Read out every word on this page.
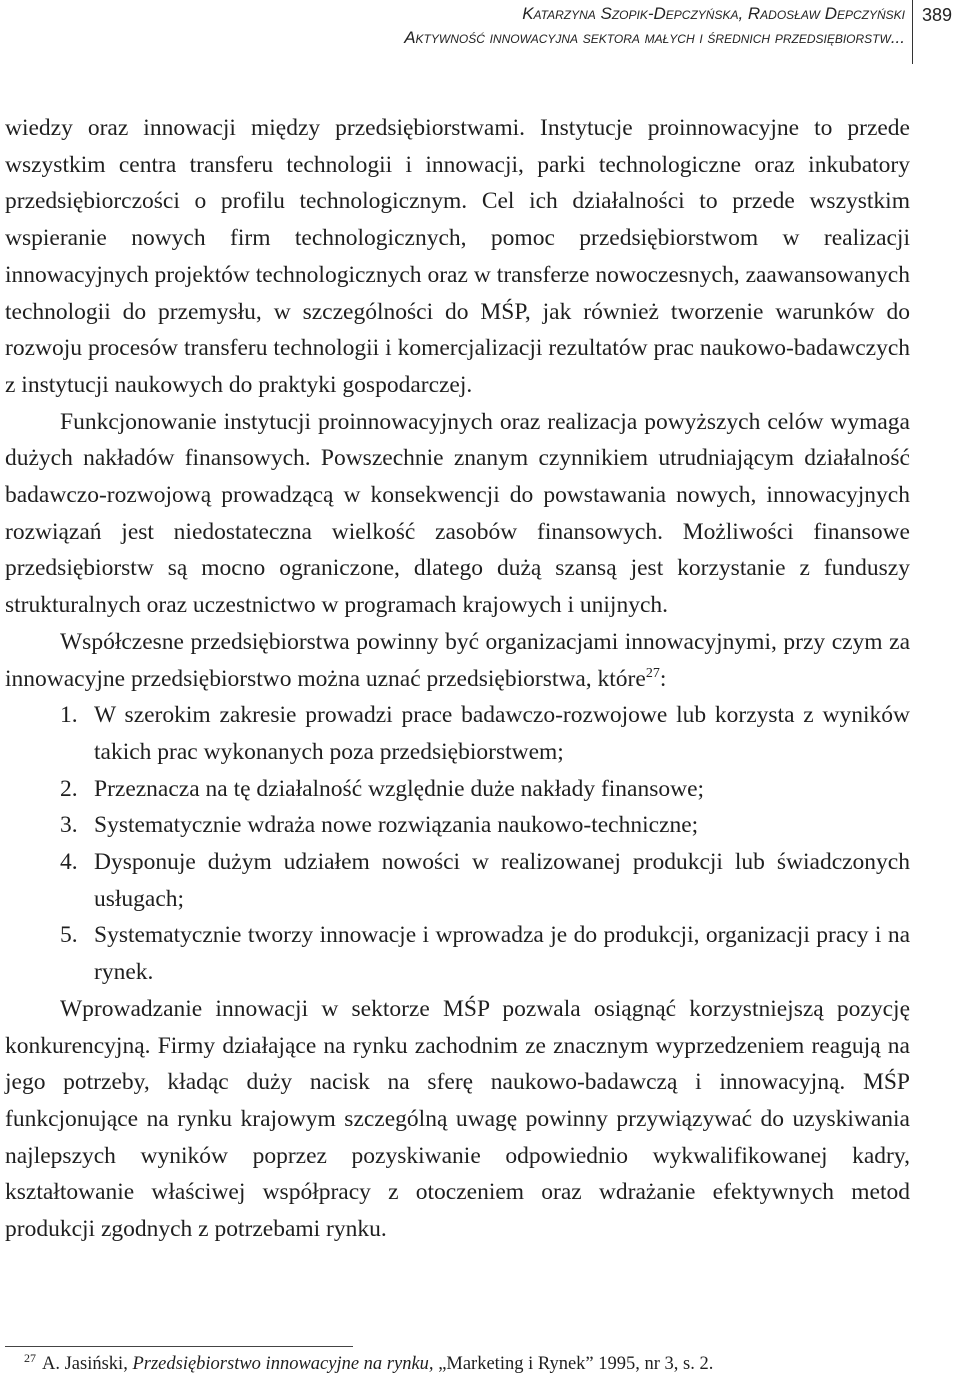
Katarzyna Szopik-Depczyńska, Radosław Depczyński
Aktywność innowacyjna sektora małych i średnich przedsiębiorstw...
389

wiedzy oraz innowacji między przedsiębiorstwami. Instytucje proinnowacyjne to przede wszystkim centra transferu technologii i innowacji, parki technologiczne oraz inkubatory przedsiębiorczości o profilu technologicznym. Cel ich działalności to przede wszystkim wspieranie nowych firm technologicznych, pomoc przedsiębiorstwom w realizacji innowacyjnych projektów technologicznych oraz w transferze nowoczesnych, zaawansowanych technologii do przemysłu, w szczególności do MŚP, jak również tworzenie warunków do rozwoju procesów transferu technologii i komercjalizacji rezultatów prac naukowo-badawczych z instytucji naukowych do praktyki gospodarczej.

Funkcjonowanie instytucji proinnowacyjnych oraz realizacja powyższych celów wymaga dużych nakładów finansowych. Powszechnie znanym czynnikiem utrudniającym działalność badawczo-rozwojową prowadzącą w konsekwencji do powstawania nowych, innowacyjnych rozwiązań jest niedostateczna wielkość zasobów finansowych. Możliwości finansowe przedsiębiorstw są mocno ograniczone, dlatego dużą szansą jest korzystanie z funduszy strukturalnych oraz uczestnictwo w programach krajowych i unijnych.

Współczesne przedsiębiorstwa powinny być organizacjami innowacyjnymi, przy czym za innowacyjne przedsiębiorstwo można uznać przedsiębiorstwa, które$^{27}$:

1. W szerokim zakresie prowadzi prace badawczo-rozwojowe lub korzysta z wyników takich prac wykonanych poza przedsiębiorstwem;
2. Przeznacza na tę działalność względnie duże nakłady finansowe;
3. Systematycznie wdraża nowe rozwiązania naukowo-techniczne;
4. Dysponuje dużym udziałem nowości w realizowanej produkcji lub świadczonych usługach;
5. Systematycznie tworzy innowacje i wprowadza je do produkcji, organizacji pracy i na rynek.

Wprowadzanie innowacji w sektorze MŚP pozwala osiągnąć korzystniejszą pozycję konkurencyjną. Firmy działające na rynku zachodnim ze znacznym wyprzedzeniem reagują na jego potrzeby, kładąc duży nacisk na sferę naukowo-badawczą i innowacyjną. MŚP funkcjonujące na rynku krajowym szczególną uwagę powinny przywiązywać do uzyskiwania najlepszych wyników poprzez pozyskiwanie odpowiednio wykwalifikowanej kadry, kształtowanie właściwej współpracy z otoczeniem oraz wdrażanie efektywnych metod produkcji zgodnych z potrzebami rynku.

$^{27}$ A. Jasiński, Przedsiębiorstwo innowacyjne na rynku, „Marketing i Rynek” 1995, nr 3, s. 2.
